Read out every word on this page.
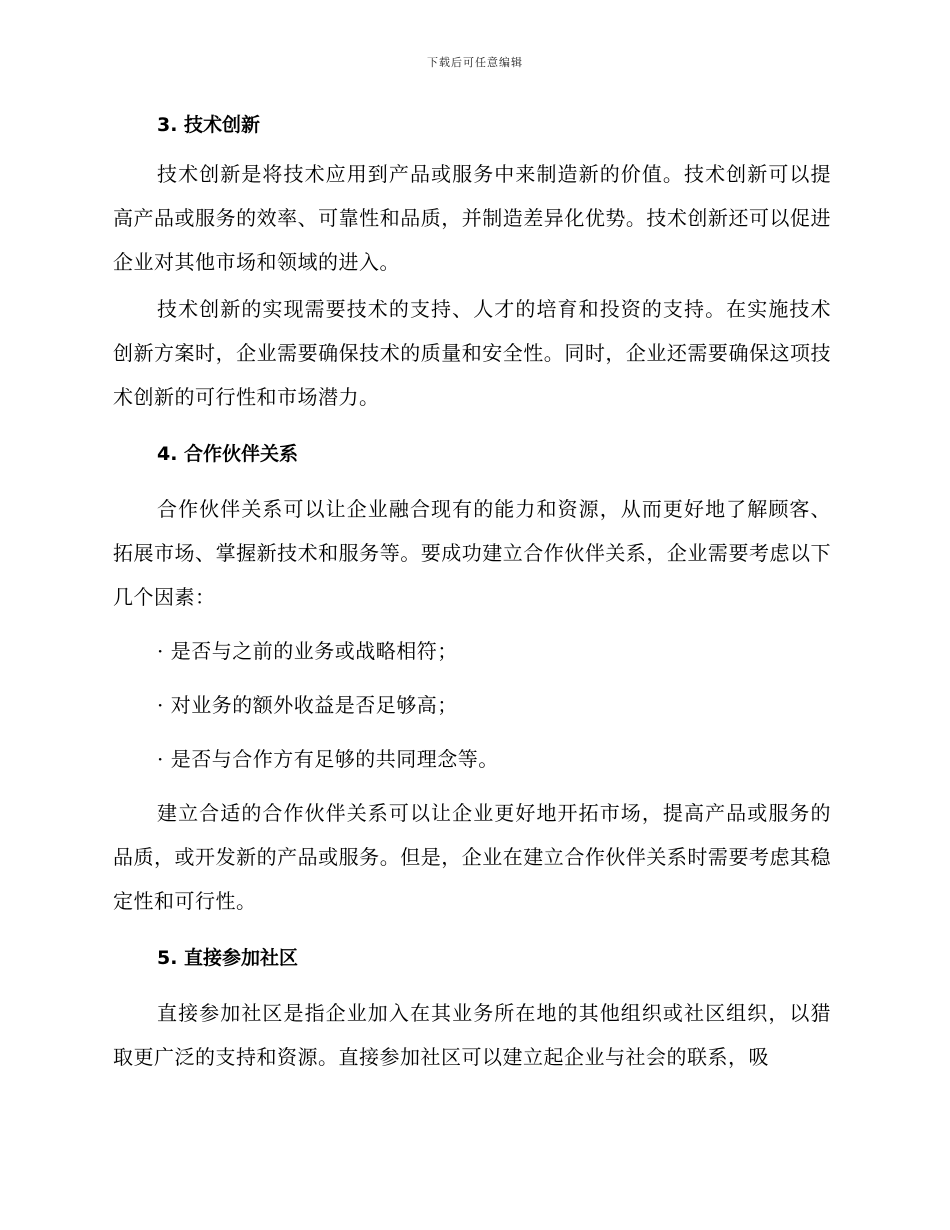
下载后可任意编辑
3. 技术创新

技术创新是将技术应用到产品或服务中来制造新的价值。技术创新可以提高产品或服务的效率、可靠性和品质，并制造差异化优势。技术创新还可以促进企业对其他市场和领域的进入。

技术创新的实现需要技术的支持、人才的培育和投资的支持。在实施技术创新方案时，企业需要确保技术的质量和安全性。同时，企业还需要确保这项技术创新的可行性和市场潜力。

4. 合作伙伴关系

合作伙伴关系可以让企业融合现有的能力和资源，从而更好地了解顾客、拓展市场、掌握新技术和服务等。要成功建立合作伙伴关系，企业需要考虑以下几个因素：

· 是否与之前的业务或战略相符；

· 对业务的额外收益是否足够高；

· 是否与合作方有足够的共同理念等。

建立合适的合作伙伴关系可以让企业更好地开拓市场，提高产品或服务的品质，或开发新的产品或服务。但是，企业在建立合作伙伴关系时需要考虑其稳定性和可行性。

5. 直接参加社区

直接参加社区是指企业加入在其业务所在地的其他组织或社区组织，以猎取更广泛的支持和资源。直接参加社区可以建立起企业与社会的联系，吸
